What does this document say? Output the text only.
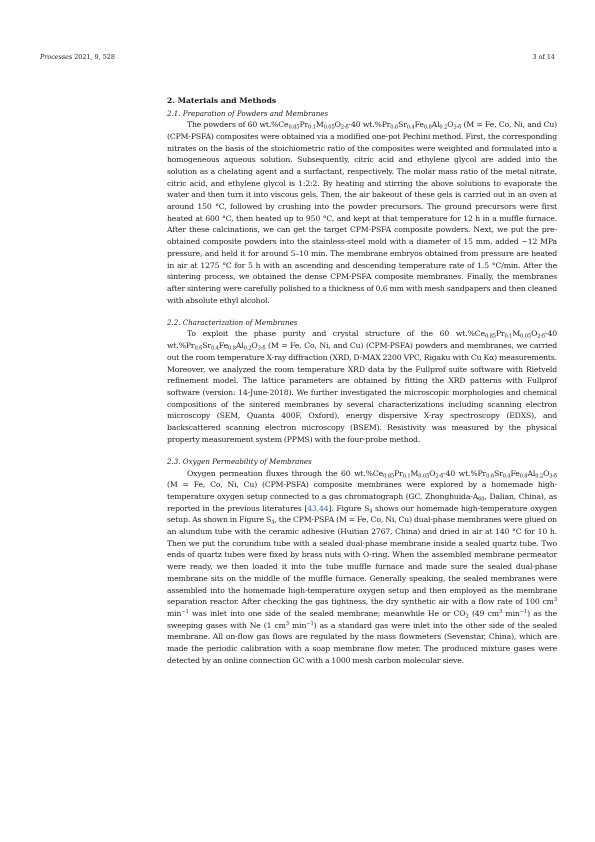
Processes 2021, 9, 528	3 of 14
2. Materials and Methods
2.1. Preparation of Powders and Membranes

The powders of 60 $wt.\%Ce_{0.85}Pr_{0.1}M_{0.05}O_{2-\delta}-40$ $wt.\%Pr_{0.6}Sr_{0.4}Fe_{0.8}Al_{0.2}O_{3-\delta}$ (M = Fe, Co, Ni, and Cu) (CPM-PSFA) composites were obtained via a modified one-pot Pechini method. First, the corresponding nitrates on the basis of the stoichiometric ratio of the composites were weighted and formulated into a homogeneous aqueous solution. Subsequently, citric acid and ethylene glycol are added into the solution as a chelating agent and a surfactant, respectively. The molar mass ratio of the metal nitrate, citric acid, and ethylene glycol is 1:2:2. By heating and stirring the above solutions to evaporate the water and then turn it into viscous gels. Then, the air bakeout of these gels is carried out in an oven at around 150 °C, followed by crushing into the powder precursors. The ground precursors were first heated at 600 °C, then heated up to 950 °C, and kept at that temperature for 12 h in a muffle furnace. After these calcinations, we can get the target CPM-PSFA composite powders. Next, we put the pre-obtained composite powders into the stainless-steel mold with a diameter of 15 mm, added ~12 MPa pressure, and held it for around 5–10 min. The membrane embryos obtained from pressure are heated in air at 1275 °C for 5 h with an ascending and descending temperature rate of 1.5 °C/min. After the sintering process, we obtained the dense CPM-PSFA composite membranes. Finally, the membranes after sintering were carefully polished to a thickness of 0.6 mm with mesh sandpapers and then cleaned with absolute ethyl alcohol.

2.2. Characterization of Membranes

To exploit the phase purity and crystal structure of the 60 $wt.\%Ce_{0.85}Pr_{0.1}M_{0.05}O_{2-\delta}-40$ $wt.\%Pr_{0.6}Sr_{0.4}Fe_{0.8}Al_{0.2}O_{3-\delta}$ (M = Fe, Co, Ni, and Cu) (CPM-PSFA) powders and membranes, we carried out the room temperature X-ray diffraction (XRD, D-MAX 2200 VPC, Rigaku with Cu Kα) measurements. Moreover, we analyzed the room temperature XRD data by the Fullprof suite software with Rietveld refinement model. The lattice parameters are obtained by fitting the XRD patterns with Fullprof software (version: 14-June-2018). We further investigated the microscopic morphologies and chemical compositions of the sintered membranes by several characterizations including scanning electron microscopy (SEM, Quanta 400F, Oxford), energy dispersive X-ray spectroscopy (EDXS), and backscattered scanning electron microscopy (BSEM). Resistivity was measured by the physical property measurement system (PPMS) with the four-probe method.

2.3. Oxygen Permeability of Membranes

Oxygen permeation fluxes through the 60 $wt.\%Ce_{0.85}Pr_{0.1}M_{0.05}O_{2-\delta}-40$ $wt.\%Pr_{0.6}Sr_{0.4}Fe_{0.8}Al_{0.2}O_{3-\delta}$ (M = Fe, Co, Ni, Cu) (CPM-PSFA) composite membranes were explored by a homemade high-temperature oxygen setup connected to a gas chromatograph (GC, Zhonghuida-$A_{60}$, Dalian, China), as reported in the previous literatures [43,44]. Figure $S_4$ shows our homemade high-temperature oxygen setup. As shown in Figure $S_4$, the CPM-PSFA (M = Fe, Co, Ni, Cu) dual-phase membranes were glued on an alundum tube with the ceramic adhesive (Huitian 2767, China) and dried in air at 140 °C for 10 h. Then we put the corundum tube with a sealed dual-phase membrane inside a sealed quartz tube. Two ends of quartz tubes were fixed by brass nuts with O-ring. When the assembled membrane permeator were ready, we then loaded it into the tube muffle furnace and made sure the sealed dual-phase membrane sits on the middle of the muffle furnace. Generally speaking, the sealed membranes were assembled into the homemade high-temperature oxygen setup and then employed as the membrane separation reactor. After checking the gas tightness, the dry synthetic air with a flow rate of 100 $cm^3$ $\min^{-1}$ was inlet into one side of the sealed membrane; meanwhile He or $CO_2$ (49 $cm^3$ $\min^{-1}$) as the sweeping gases with Ne (1 $cm^3$ $\min^{-1}$) as a standard gas were inlet into the other side of the sealed membrane. All on-flow gas flows are regulated by the mass flowmeters (Sevenstar, China), which are made the periodic calibration with a soap membrane flow meter. The produced mixture gases were detected by an online connection GC with a 1000 mesh carbon molecular sieve.
